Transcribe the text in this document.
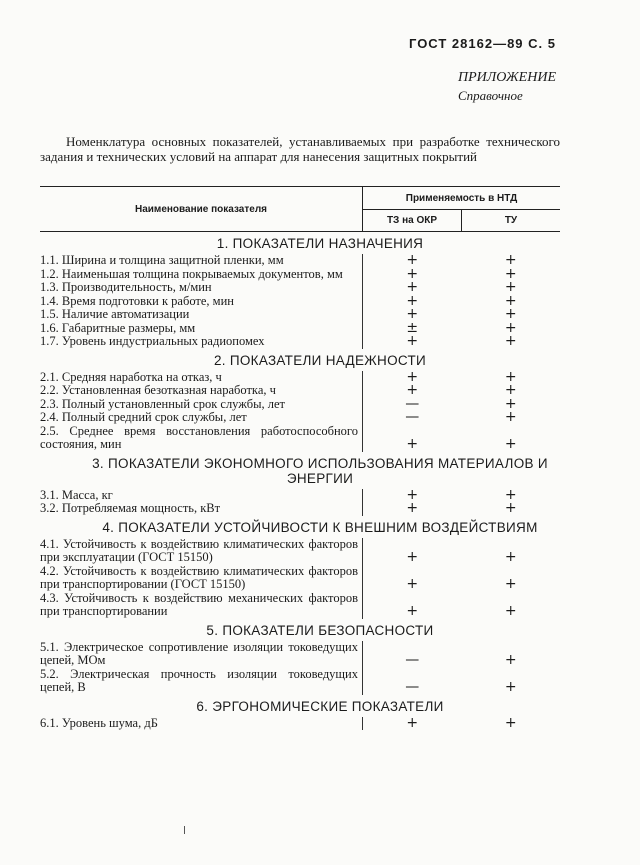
ГОСТ 28162—89 С. 5
ПРИЛОЖЕНИЕ
Справочное
Номенклатура основных показателей, устанавливаемых при разработке технического задания и технических условий на аппарат для нанесения защитных покрытий
Наименование показателя
Применяемость в НТД
ТЗ на ОКР	ТУ
1. ПОКАЗАТЕЛИ НАЗНАЧЕНИЯ
1.1. Ширина и толщина защитной пленки, мм	+	+
1.2. Наименьшая толщина покрываемых документов, мм	+	+
1.3. Производительность, м/мин	+	+
1.4. Время подготовки к работе, мин	+	+
1.5. Наличие автоматизации	+	+
1.6. Габаритные размеры, мм	±	+
1.7. Уровень индустриальных радиопомех	+	+
2. ПОКАЗАТЕЛИ НАДЕЖНОСТИ
2.1. Средняя наработка на отказ, ч	+	+
2.2. Установленная безотказная наработка, ч	+	+
2.3. Полный установленный срок службы, лет	—	+
2.4. Полный средний срок службы, лет	—	+
2.5. Среднее время восстановления работоспособного состояния, мин	+	+
3. ПОКАЗАТЕЛИ ЭКОНОМНОГО ИСПОЛЬЗОВАНИЯ МАТЕРИАЛОВ И ЭНЕРГИИ
3.1. Масса, кг	+	+
3.2. Потребляемая мощность, кВт	+	+
4. ПОКАЗАТЕЛИ УСТОЙЧИВОСТИ К ВНЕШНИМ ВОЗДЕЙСТВИЯМ
4.1. Устойчивость к воздействию климатических факторов при эксплуатации (ГОСТ 15150)	+	+
4.2. Устойчивость к воздействию климатических факторов при транспортировании (ГОСТ 15150)	+	+
4.3. Устойчивость к воздействию механических факторов при транспортировании	+	+
5. ПОКАЗАТЕЛИ БЕЗОПАСНОСТИ
5.1. Электрическое сопротивление изоляции токоведущих цепей, МОм	—	+
5.2. Электрическая прочность изоляции токоведущих цепей, В	—	+
6. ЭРГОНОМИЧЕСКИЕ ПОКАЗАТЕЛИ
6.1. Уровень шума, дБ	+	+
